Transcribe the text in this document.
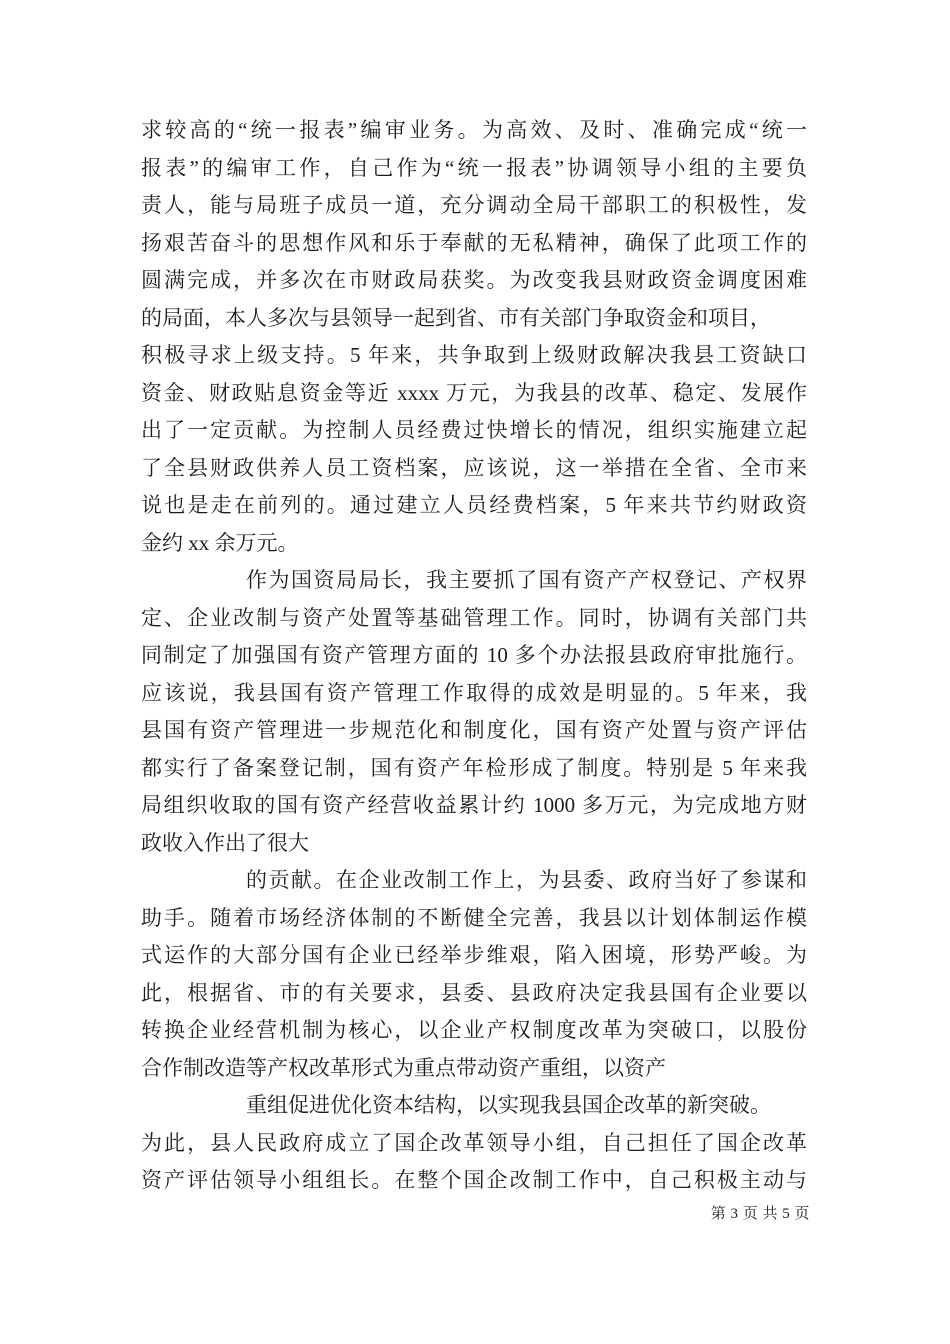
求较高的“统一报表”编审业务。为高效、及时、准确完成“统一
报表”的编审工作，自己作为“统一报表”协调领导小组的主要负
责人，能与局班子成员一道，充分调动全局干部职工的积极性，发
扬艰苦奋斗的思想作风和乐于奉献的无私精神，确保了此项工作的
圆满完成，并多次在市财政局获奖。为改变我县财政资金调度困难
的局面，本人多次与县领导一起到省、市有关部门争取资金和项目，
积极寻求上级支持。5 年来，共争取到上级财政解决我县工资缺口
资金、财政贴息资金等近 xxxx 万元，为我县的改革、稳定、发展作
出了一定贡献。为控制人员经费过快增长的情况，组织实施建立起
了全县财政供养人员工资档案，应该说，这一举措在全省、全市来
说也是走在前列的。通过建立人员经费档案，5 年来共节约财政资
金约 xx 余万元。
作为国资局局长，我主要抓了国有资产产权登记、产权界
定、企业改制与资产处置等基础管理工作。同时，协调有关部门共
同制定了加强国有资产管理方面的 10 多个办法报县政府审批施行。
应该说，我县国有资产管理工作取得的成效是明显的。5 年来，我
县国有资产管理进一步规范化和制度化，国有资产处置与资产评估
都实行了备案登记制，国有资产年检形成了制度。特别是 5 年来我
局组织收取的国有资产经营收益累计约 1000 多万元，为完成地方财
政收入作出了很大
的贡献。在企业改制工作上，为县委、政府当好了参谋和
助手。随着市场经济体制的不断健全完善，我县以计划体制运作模
式运作的大部分国有企业已经举步维艰，陷入困境，形势严峻。为
此，根据省、市的有关要求，县委、县政府决定我县国有企业要以
转换企业经营机制为核心，以企业产权制度改革为突破口，以股份
合作制改造等产权改革形式为重点带动资产重组，以资产
重组促进优化资本结构，以实现我县国企改革的新突破。
为此，县人民政府成立了国企改革领导小组，自己担任了国企改革
资产评估领导小组组长。在整个国企改制工作中，自己积极主动与
第 3 页 共 5 页
